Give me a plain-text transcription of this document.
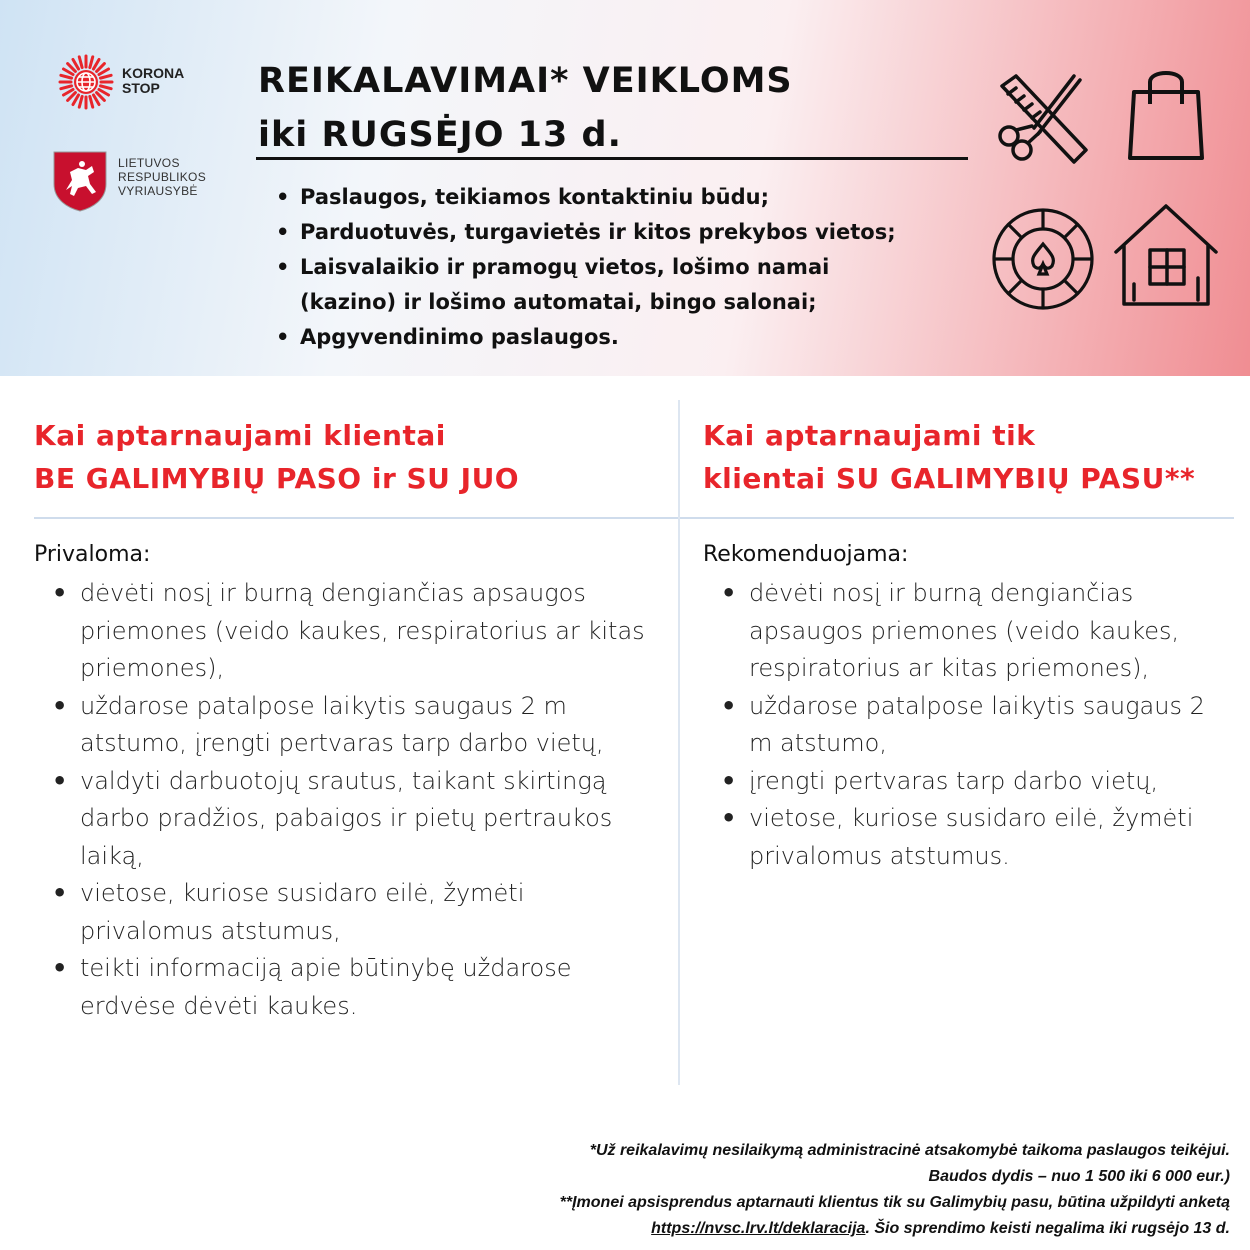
KORONA
STOP
LIETUVOS
RESPUBLIKOS
VYRIAUSYBĖ
REIKALAVIMAI* VEIKLOMS
iki RUGSĖJO 13 d.
• Paslaugos, teikiamos kontaktiniu būdu;
• Parduotuvės, turgavietės ir kitos prekybos vietos;
• Laisvalaikio ir pramogų vietos, lošimo namai (kazino) ir lošimo automatai, bingo salonai;
• Apgyvendinimo paslaugos.
Kai aptarnaujami klientai
BE GALIMYBIŲ PASO ir SU JUO
Privaloma:
• dėvėti nosį ir burną dengiančias apsaugos priemones (veido kaukes, respiratorius ar kitas priemones),
• uždarose patalpose laikytis saugaus 2 m atstumo, įrengti pertvaras tarp darbo vietų,
• valdyti darbuotojų srautus, taikant skirtingą darbo pradžios, pabaigos ir pietų pertraukos laiką,
• vietose, kuriose susidaro eilė, žymėti privalomus atstumus,
• teikti informaciją apie būtinybę uždarose erdvėse dėvėti kaukes.
Kai aptarnaujami tik
klientai SU GALIMYBIŲ PASU**
Rekomenduojama:
• dėvėti nosį ir burną dengiančias apsaugos priemones (veido kaukes, respiratorius ar kitas priemones),
• uždarose patalpose laikytis saugaus 2 m atstumo,
• įrengti pertvaras tarp darbo vietų,
• vietose, kuriose susidaro eilė, žymėti privalomus atstumus.
*Už reikalavimų nesilaikymą administracinė atsakomybė taikoma paslaugos teikėjui.
Baudos dydis – nuo 1 500 iki 6 000 eur.)
**Įmonei apsisprendus aptarnauti klientus tik su Galimybių pasu, būtina užpildyti anketą
https://nvsc.lrv.lt/deklaracija. Šio sprendimo keisti negalima iki rugsėjo 13 d.
